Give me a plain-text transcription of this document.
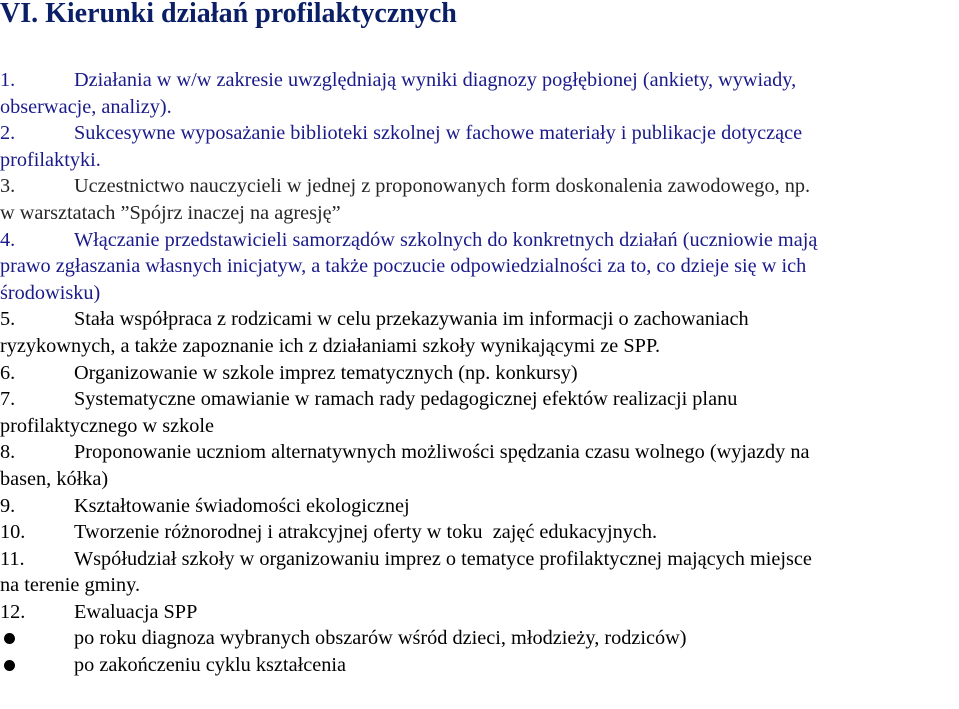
VI. Kierunki działań profilaktycznych
1.	Działania w w/w zakresie uwzględniają wyniki diagnozy pogłębionej (ankiety, wywiady,
obserwacje, analizy).
2.	Sukcesywne wyposażanie biblioteki szkolnej w fachowe materiały i publikacje dotyczące
profilaktyki.
3.	Uczestnictwo nauczycieli w jednej z proponowanych form doskonalenia zawodowego, np.
w warsztatach ”Spójrz inaczej na agresję”
4.	Włączanie przedstawicieli samorządów szkolnych do konkretnych działań (uczniowie mają
prawo zgłaszania własnych inicjatyw, a także poczucie odpowiedzialności za to, co dzieje się w ich
środowisku)
5.	Stała współpraca z rodzicami w celu przekazywania im informacji o zachowaniach
ryzykownych, a także zapoznanie ich z działaniami szkoły wynikającymi ze SPP.
6.	Organizowanie w szkole imprez tematycznych (np. konkursy)
7.	Systematyczne omawianie w ramach rady pedagogicznej efektów realizacji planu
profilaktycznego w szkole
8.	Proponowanie uczniom alternatywnych możliwości spędzania czasu wolnego (wyjazdy na
basen, kółka)
9.	Kształtowanie świadomości ekologicznej
10. Tworzenie różnorodnej i atrakcyjnej oferty w toku  zajęć edukacyjnych.
11. Współudział szkoły w organizowaniu imprez o tematyce profilaktycznej mających miejsce
na terenie gminy.
12. Ewaluacja SPP
po roku diagnoza wybranych obszarów wśród dzieci, młodzieży, rodziców)
po zakończeniu cyklu kształcenia
